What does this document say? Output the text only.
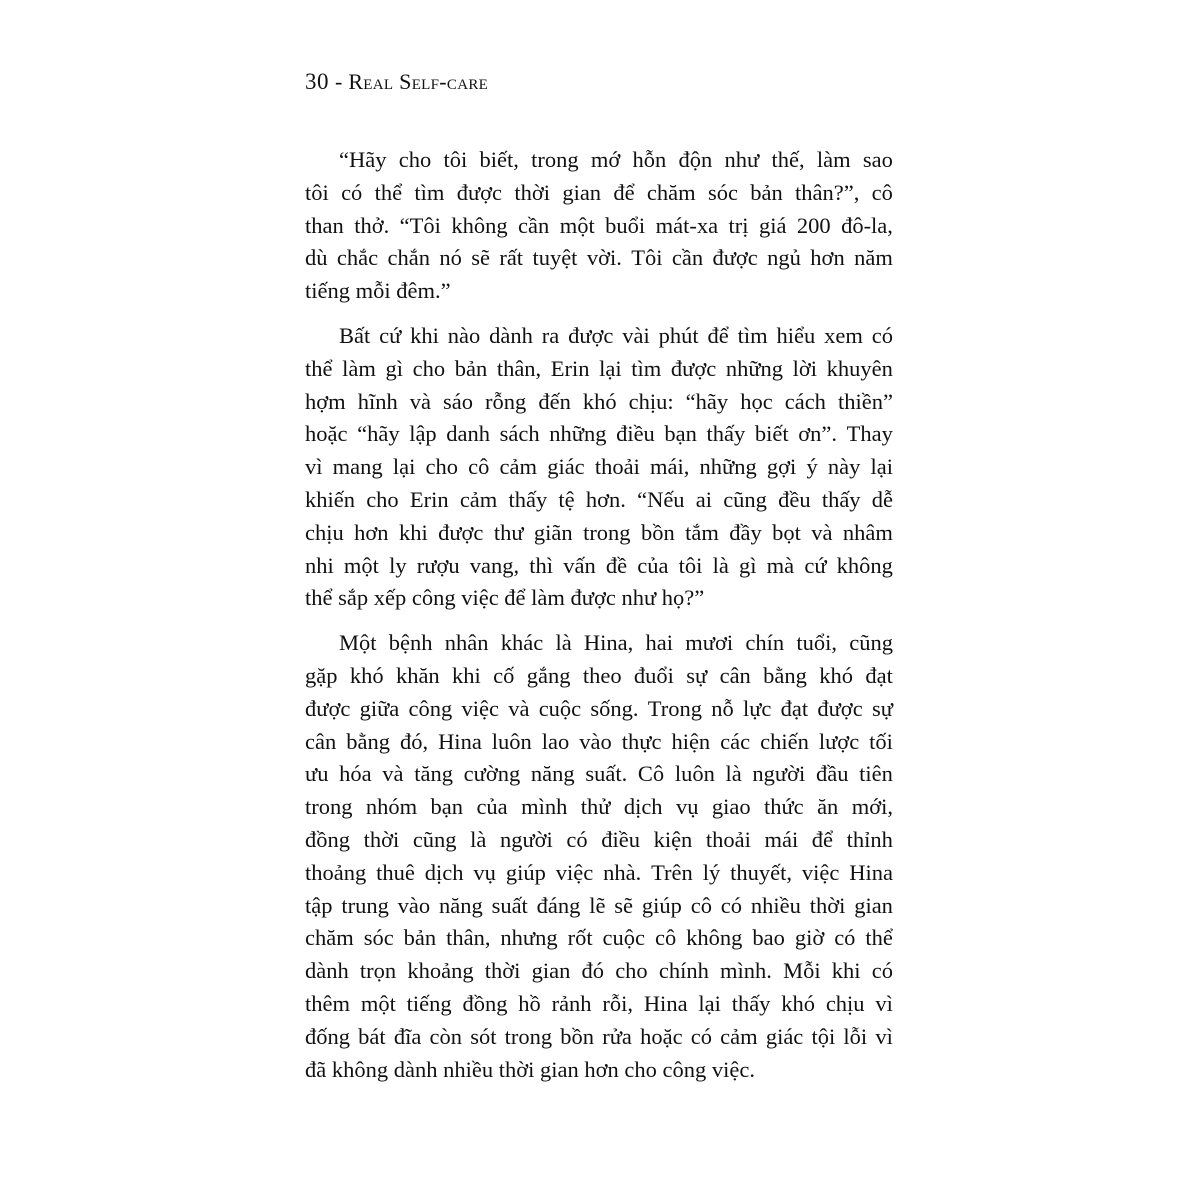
30 - Real Self-care
“Hãy cho tôi biết, trong mớ hỗn độn như thế, làm sao
tôi có thể tìm được thời gian để chăm sóc bản thân?”, cô
than thở. “Tôi không cần một buổi mát-xa trị giá 200 đô-la,
dù chắc chắn nó sẽ rất tuyệt vời. Tôi cần được ngủ hơn năm
tiếng mỗi đêm.”
Bất cứ khi nào dành ra được vài phút để tìm hiểu xem có
thể làm gì cho bản thân, Erin lại tìm được những lời khuyên
hợm hĩnh và sáo rỗng đến khó chịu: “hãy học cách thiền”
hoặc “hãy lập danh sách những điều bạn thấy biết ơn”. Thay
vì mang lại cho cô cảm giác thoải mái, những gợi ý này lại
khiến cho Erin cảm thấy tệ hơn. “Nếu ai cũng đều thấy dễ
chịu hơn khi được thư giãn trong bồn tắm đầy bọt và nhâm
nhi một ly rượu vang, thì vấn đề của tôi là gì mà cứ không
thể sắp xếp công việc để làm được như họ?”
Một bệnh nhân khác là Hina, hai mươi chín tuổi, cũng
gặp khó khăn khi cố gắng theo đuổi sự cân bằng khó đạt
được giữa công việc và cuộc sống. Trong nỗ lực đạt được sự
cân bằng đó, Hina luôn lao vào thực hiện các chiến lược tối
ưu hóa và tăng cường năng suất. Cô luôn là người đầu tiên
trong nhóm bạn của mình thử dịch vụ giao thức ăn mới,
đồng thời cũng là người có điều kiện thoải mái để thỉnh
thoảng thuê dịch vụ giúp việc nhà. Trên lý thuyết, việc Hina
tập trung vào năng suất đáng lẽ sẽ giúp cô có nhiều thời gian
chăm sóc bản thân, nhưng rốt cuộc cô không bao giờ có thể
dành trọn khoảng thời gian đó cho chính mình. Mỗi khi có
thêm một tiếng đồng hồ rảnh rỗi, Hina lại thấy khó chịu vì
đống bát đĩa còn sót trong bồn rửa hoặc có cảm giác tội lỗi vì
đã không dành nhiều thời gian hơn cho công việc.
